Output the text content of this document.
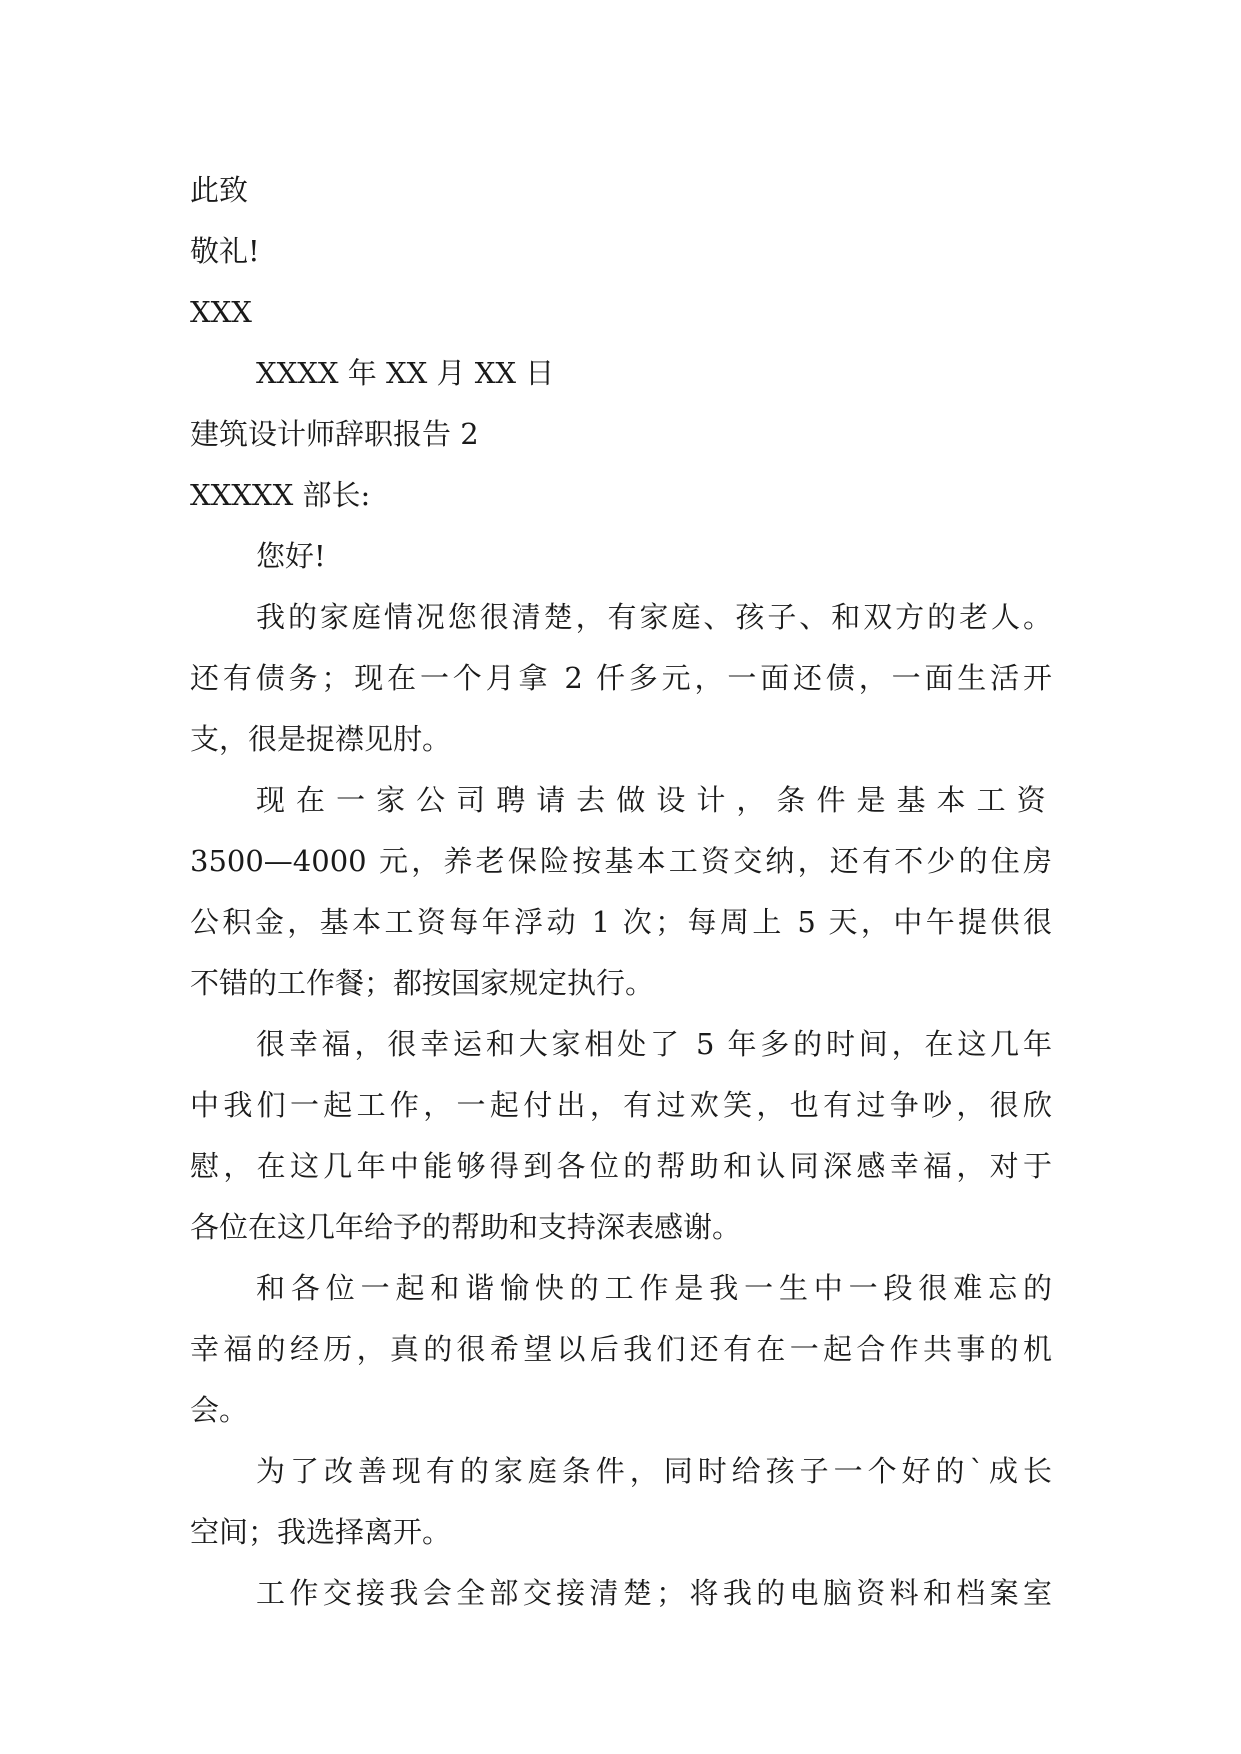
此致
敬礼!
XXX
XXXX 年 XX 月 XX 日
建筑设计师辞职报告 2
XXXXX 部长:
您好!
我的家庭情况您很清楚，有家庭、孩子、和双方的老人。
还有债务；现在一个月拿 2 仟多元，一面还债，一面生活开
支，很是捉襟见肘。
现在一家公司聘请去做设计，条件是基本工资
3500—4000 元，养老保险按基本工资交纳，还有不少的住房
公积金，基本工资每年浮动 1 次；每周上 5 天，中午提供很
不错的工作餐；都按国家规定执行。
很幸福，很幸运和大家相处了 5 年多的时间，在这几年
中我们一起工作，一起付出，有过欢笑，也有过争吵，很欣
慰，在这几年中能够得到各位的帮助和认同深感幸福，对于
各位在这几年给予的帮助和支持深表感谢。
和各位一起和谐愉快的工作是我一生中一段很难忘的
幸福的经历，真的很希望以后我们还有在一起合作共事的机
会。
为了改善现有的家庭条件，同时给孩子一个好的`成长
空间；我选择离开。
工作交接我会全部交接清楚；将我的电脑资料和档案室
